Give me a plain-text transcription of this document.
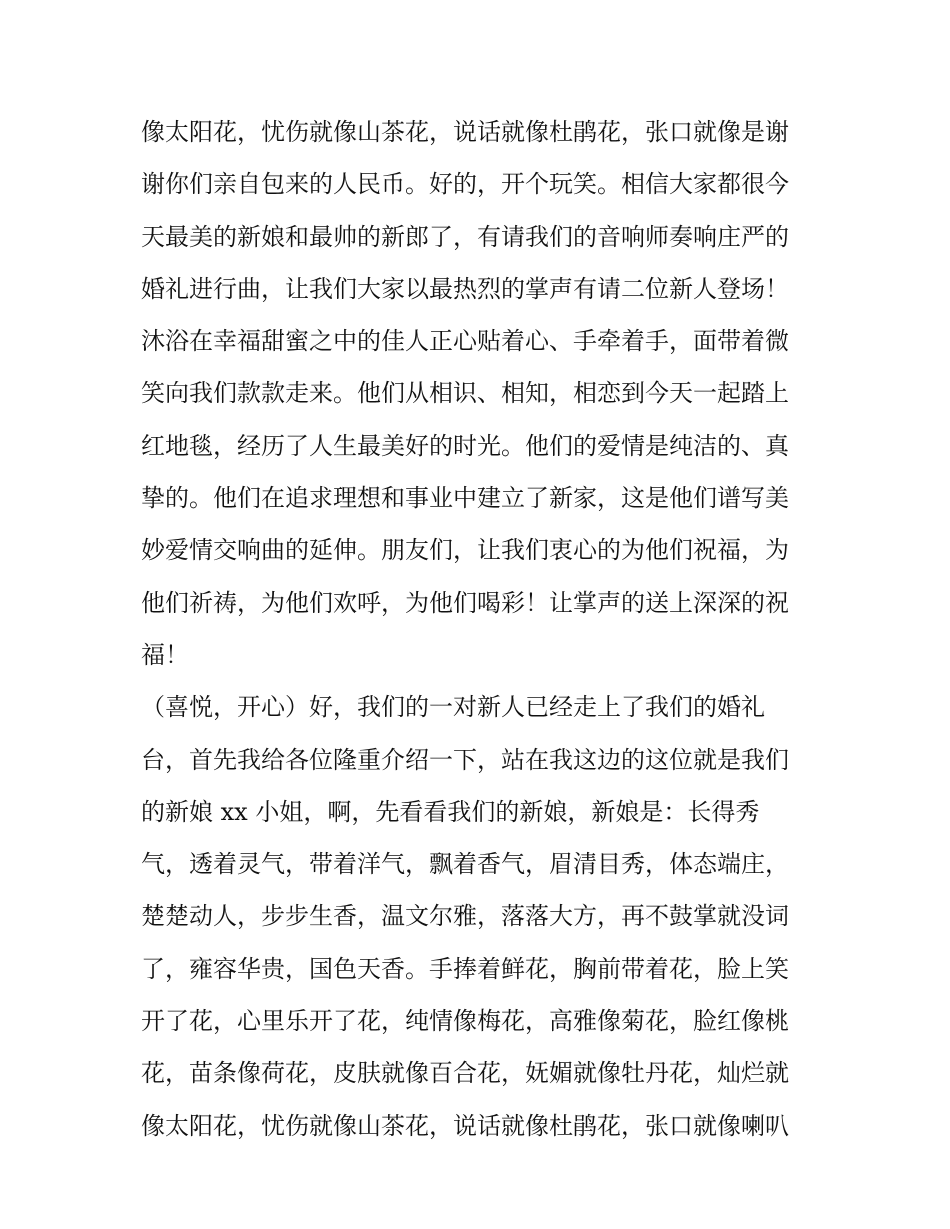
像太阳花，忧伤就像山茶花，说话就像杜鹃花，张口就像是谢
谢你们亲自包来的人民币。好的，开个玩笑。相信大家都很今
天最美的新娘和最帅的新郎了，有请我们的音响师奏响庄严的
婚礼进行曲，让我们大家以最热烈的掌声有请二位新人登场！
沐浴在幸福甜蜜之中的佳人正心贴着心、手牵着手，面带着微
笑向我们款款走来。他们从相识、相知，相恋到今天一起踏上
红地毯，经历了人生最美好的时光。他们的爱情是纯洁的、真
挚的。他们在追求理想和事业中建立了新家，这是他们谱写美
妙爱情交响曲的延伸。朋友们，让我们衷心的为他们祝福，为
他们祈祷，为他们欢呼，为他们喝彩！让掌声的送上深深的祝
福！
（喜悦，开心）好，我们的一对新人已经走上了我们的婚礼
台，首先我给各位隆重介绍一下，站在我这边的这位就是我们
的新娘 xx 小姐，啊，先看看我们的新娘，新娘是：长得秀
气，透着灵气，带着洋气，飘着香气，眉清目秀，体态端庄，
楚楚动人，步步生香，温文尔雅，落落大方，再不鼓掌就没词
了，雍容华贵，国色天香。手捧着鲜花，胸前带着花，脸上笑
开了花，心里乐开了花，纯情像梅花，高雅像菊花，脸红像桃
花，苗条像荷花，皮肤就像百合花，妩媚就像牡丹花，灿烂就
像太阳花，忧伤就像山茶花，说话就像杜鹃花，张口就像喇叭
